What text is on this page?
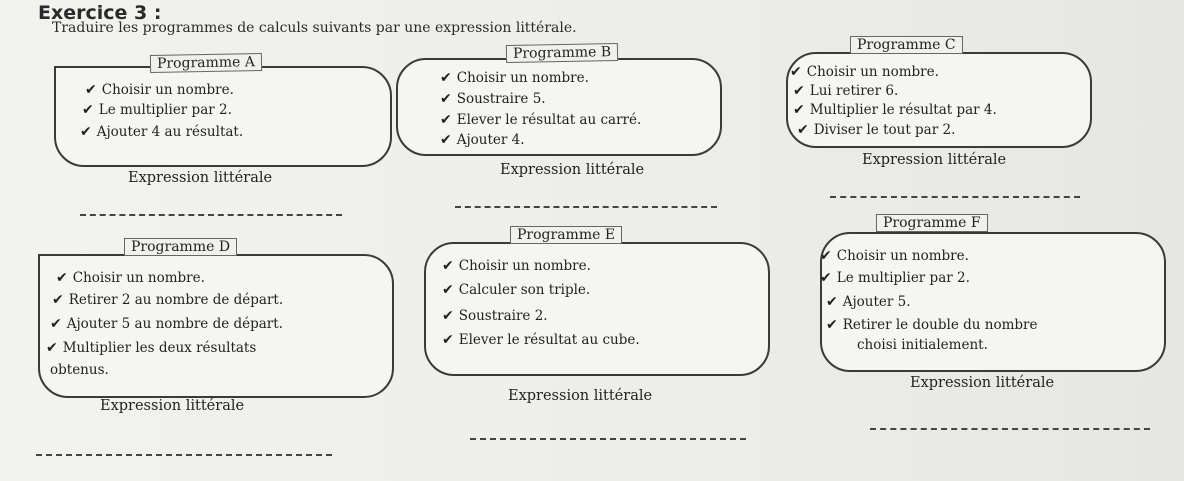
Exercice 3 :
Traduire les programmes de calculs suivants par une expression littérale.
Programme A
✔ Choisir un nombre.
✔ Le multiplier par 2.
✔ Ajouter 4 au résultat.
Expression littérale
Programme B
✔ Choisir un nombre.
✔ Soustraire 5.
✔ Elever le résultat au carré.
✔ Ajouter 4.
Expression littérale
Programme C
✔ Choisir un nombre.
✔ Lui retirer 6.
✔ Multiplier le résultat par 4.
✔ Diviser le tout par 2.
Expression littérale
Programme D
✔ Choisir un nombre.
✔ Retirer 2 au nombre de départ.
✔ Ajouter 5 au nombre de départ.
✔ Multiplier les deux résultats
obtenus.
Expression littérale
Programme E
✔ Choisir un nombre.
✔ Calculer son triple.
✔ Soustraire 2.
✔ Elever le résultat au cube.
Expression littérale
Programme F
✔ Choisir un nombre.
✔ Le multiplier par 2.
✔ Ajouter 5.
✔ Retirer le double du nombre
choisi initialement.
Expression littérale
